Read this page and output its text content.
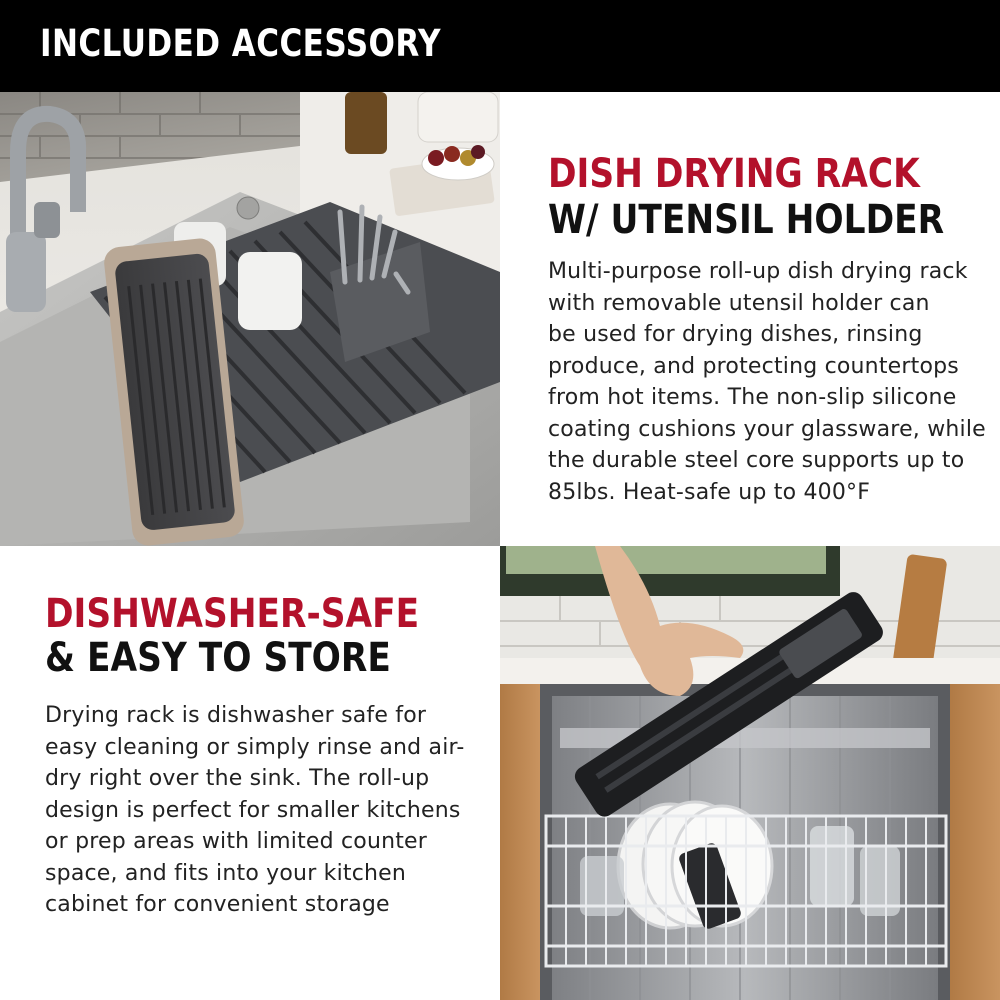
INCLUDED ACCESSORY
DISH DRYING RACK
W/ UTENSIL HOLDER
Multi-purpose roll-up dish drying rack
with removable utensil holder can
be used for drying dishes, rinsing
produce, and protecting countertops
from hot items. The non-slip silicone
coating cushions your glassware, while
the durable steel core supports up to
85lbs. Heat-safe up to 400°F
DISHWASHER-SAFE
& EASY TO STORE
Drying rack is dishwasher safe for
easy cleaning or simply rinse and air-
dry right over the sink. The roll-up
design is perfect for smaller kitchens
or prep areas with limited counter
space, and fits into your kitchen
cabinet for convenient storage
